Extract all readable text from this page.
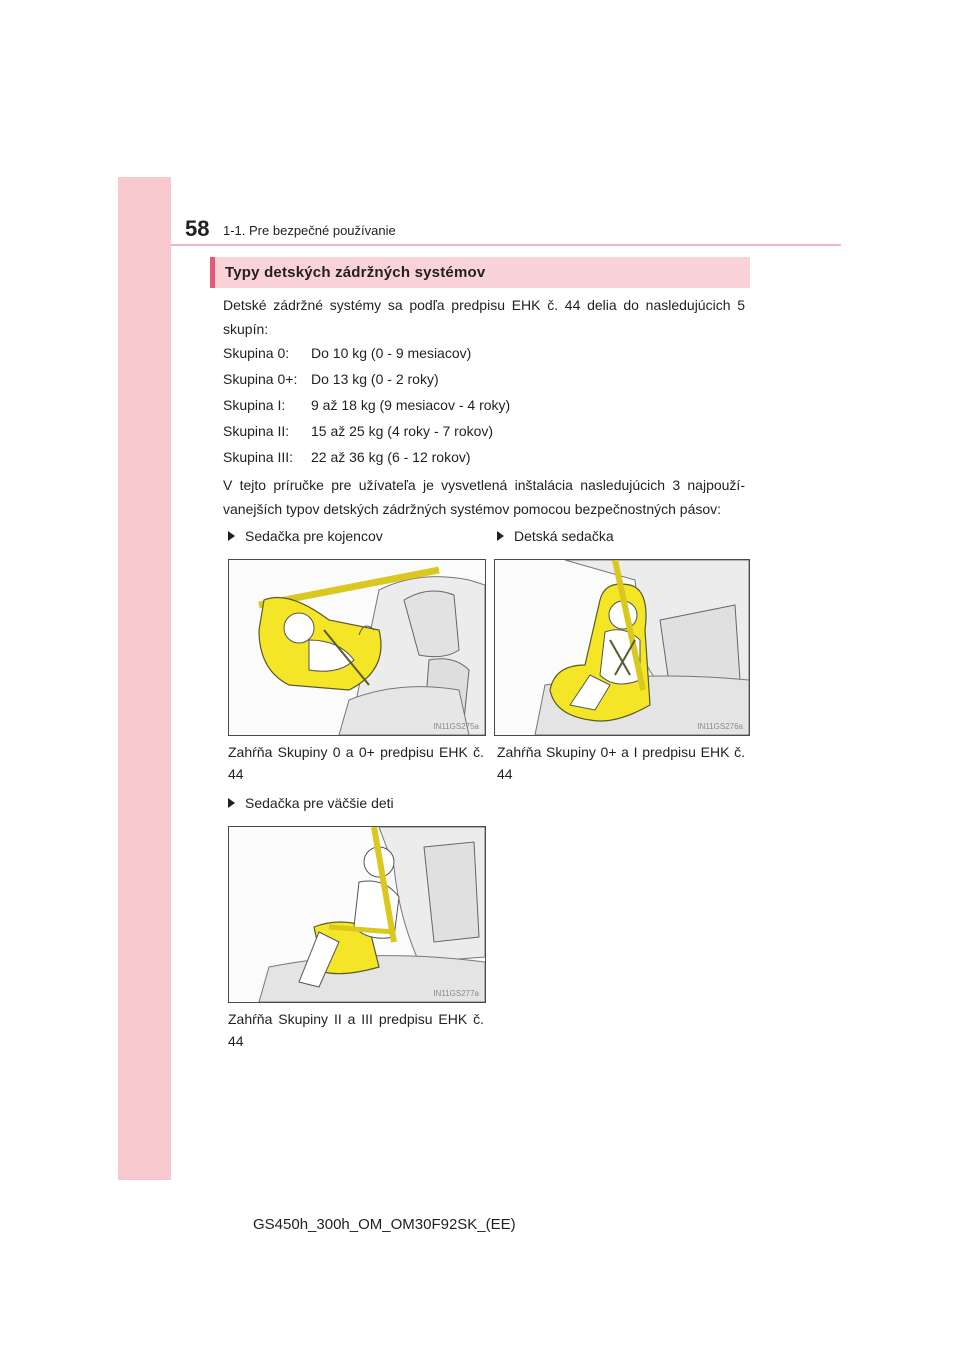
58 1-1. Pre bezpečné používanie
Typy detských zádržných systémov
Detské zádržné systémy sa podľa predpisu EHK č. 44 delia do nasledujúcich 5 skupín:
Skupina 0:	Do 10 kg (0 - 9 mesiacov)
Skupina 0+: Do 13 kg (0 - 2 roky)
Skupina I:	9 až 18 kg (9 mesiacov - 4 roky)
Skupina II:	15 až 25 kg (4 roky - 7 rokov)
Skupina III:	22 až 36 kg (6 - 12 rokov)
V tejto príručke pre užívateľa je vysvetlená inštalácia nasledujúcich 3 najpouží-vanejších typov detských zádržných systémov pomocou bezpečnostných pásov:
Sedačka pre kojencov
IN11GS275a
Zahŕňa Skupiny 0 a 0+ predpisu EHK č. 44
Detská sedačka
IN11GS276a
Zahŕňa Skupiny 0+ a I predpisu EHK č. 44
Sedačka pre väčšie deti
IN11GS277a
Zahŕňa Skupiny II a III predpisu EHK č. 44
GS450h_300h_OM_OM30F92SK_(EE)
